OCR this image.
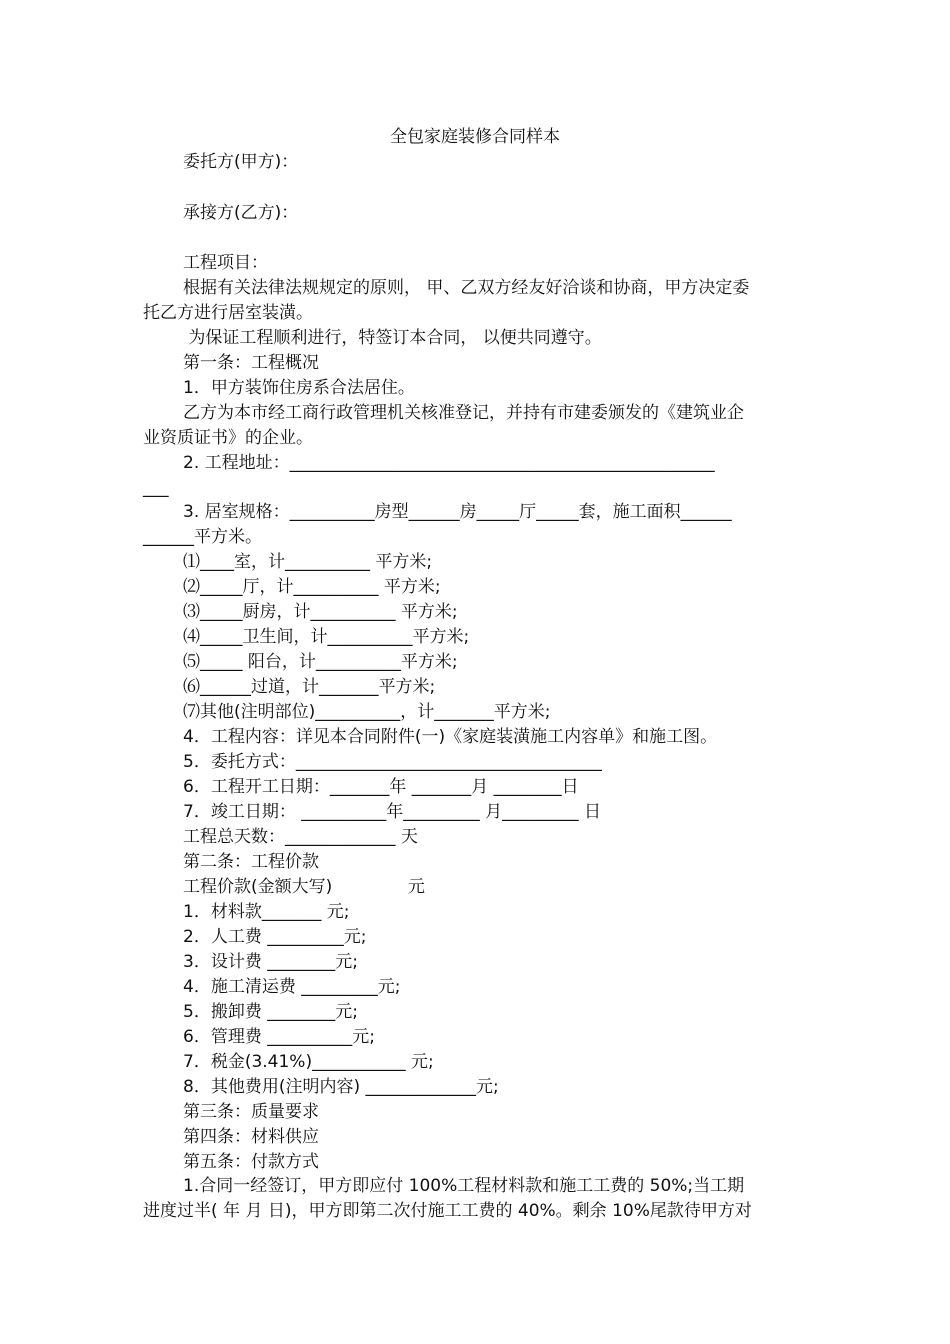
全包家庭装修合同样本
委托方(甲方)：
承接方(乙方)：
工程项目：
根据有关法律法规规定的原则， 甲、乙双方经友好洽谈和协商，甲方决定委
托乙方进行居室装潢。
为保证工程顺利进行，特签订本合同， 以便共同遵守。
第一条：工程概况
1．甲方装饰住房系合法居住。
乙方为本市经工商行政管理机关核准登记，并持有市建委颁发的《建筑业企
业资质证书》的企业。
2. 工程地址：__________________________________________________
___
3. 居室规格：__________房型______房_____厅_____套，施工面积______
______平方米。
⑴____室，计__________ 平方米;
⑵_____厅，计__________ 平方米;
⑶_____厨房，计__________ 平方米;
⑷_____卫生间，计__________平方米;
⑸_____ 阳台，计__________平方米;
⑹______过道，计_______平方米;
⑺其他(注明部位)__________，计_______平方米;
4．工程内容：详见本合同附件(一)《家庭装潢施工内容单》和施工图。
5．委托方式：____________________________________
6．工程开工日期：_______年 _______月 ________日
7．竣工日期： __________年_________ 月_________ 日
工程总天数：_____________ 天
第二条：工程价款
工程价款(金额大写)              元
1．材料款_______ 元;
2．人工费 _________元;
3．设计费 ________元;
4．施工清运费 _________元;
5．搬卸费 ________元;
6．管理费 __________元;
7．税金(3.41%)___________ 元;
8．其他费用(注明内容) _____________元;
第三条：质量要求
第四条：材料供应
第五条：付款方式
1.合同一经签订，甲方即应付 100%工程材料款和施工工费的 50%;当工期
进度过半( 年 月 日)，甲方即第二次付施工工费的 40%。剩余 10%尾款待甲方对
